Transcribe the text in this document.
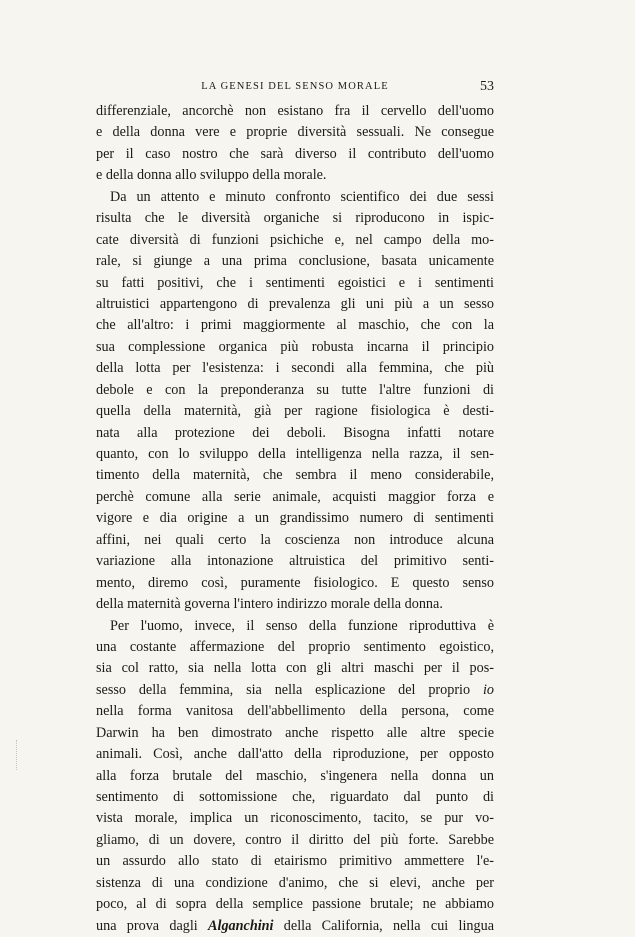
LA GENESI DEL SENSO MORALE	53
differenziale, ancorchè non esistano fra il cervello dell'uomo
e della donna vere e proprie diversità sessuali. Ne consegue
per il caso nostro che sarà diverso il contributo dell'uomo
e della donna allo sviluppo della morale.
Da un attento e minuto confronto scientifico dei due sessi
risulta che le diversità organiche si riproducono in ispic-
cate diversità di funzioni psichiche e, nel campo della mo-
rale, si giunge a una prima conclusione, basata unicamente
su fatti positivi, che i sentimenti egoistici e i sentimenti
altruistici appartengono di prevalenza gli uni più a un sesso
che all'altro: i primi maggiormente al maschio, che con la
sua complessione organica più robusta incarna il principio
della lotta per l'esistenza: i secondi alla femmina, che più
debole e con la preponderanza su tutte l'altre funzioni di
quella della maternità, già per ragione fisiologica è desti-
nata alla protezione dei deboli. Bisogna infatti notare
quanto, con lo sviluppo della intelligenza nella razza, il sen-
timento della maternità, che sembra il meno considerabile,
perchè comune alla serie animale, acquisti maggior forza e
vigore e dia origine a un grandissimo numero di sentimenti
affini, nei quali certo la coscienza non introduce alcuna
variazione alla intonazione altruistica del primitivo senti-
mento, diremo così, puramente fisiologico. E questo senso
della maternità governa l'intero indirizzo morale della donna.
Per l'uomo, invece, il senso della funzione riproduttiva è
una costante affermazione del proprio sentimento egoistico,
sia col ratto, sia nella lotta con gli altri maschi per il pos-
sesso della femmina, sia nella esplicazione del proprio io
nella forma vanitosa dell'abbellimento della persona, come
Darwin ha ben dimostrato anche rispetto alle altre specie
animali. Così, anche dall'atto della riproduzione, per opposto
alla forza brutale del maschio, s'ingenera nella donna un
sentimento di sottomissione che, riguardato dal punto di
vista morale, implica un riconoscimento, tacito, se pur vo-
gliamo, di un dovere, contro il diritto del più forte. Sarebbe
un assurdo allo stato di etairismo primitivo ammettere l'e-
sistenza di una condizione d'animo, che si elevi, anche per
poco, al di sopra della semplice passione brutale; ne abbiamo
una prova dagli Alganchini della California, nella cui lingua
